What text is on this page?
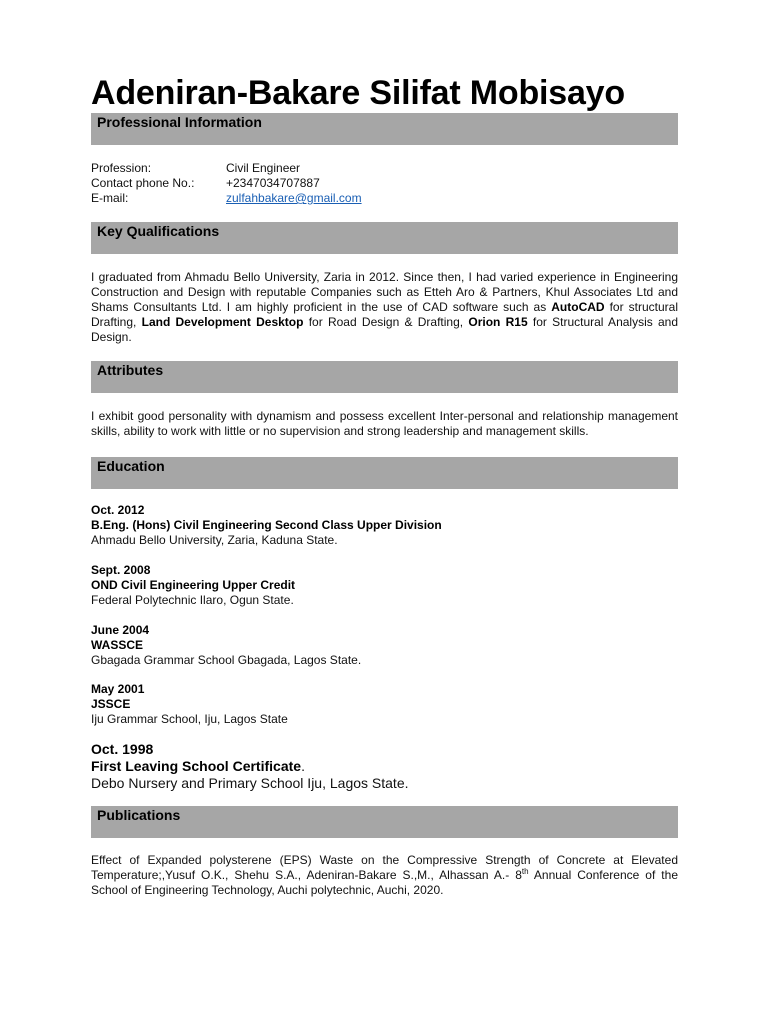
Adeniran-Bakare Silifat Mobisayo
Professional Information
Profession:	Civil Engineer
Contact phone No.:	+2347034707887
E-mail:	zulfahbakare@gmail.com
Key Qualifications
I graduated from Ahmadu Bello University, Zaria in 2012. Since then, I had varied experience in Engineering Construction and Design with reputable Companies such as Etteh Aro & Partners, Khul Associates Ltd and Shams Consultants Ltd. I am highly proficient in the use of CAD software such as AutoCAD for structural Drafting, Land Development Desktop for Road Design & Drafting, Orion R15 for Structural Analysis and Design.
Attributes
I exhibit good personality with dynamism and possess excellent Inter-personal and relationship management skills, ability to work with little or no supervision and strong leadership and management skills.
Education
Oct. 2012
B.Eng. (Hons) Civil Engineering Second Class Upper Division
Ahmadu Bello University, Zaria, Kaduna State.
Sept. 2008
OND Civil Engineering Upper Credit
Federal Polytechnic Ilaro, Ogun State.
June 2004
WASSCE
Gbagada Grammar School Gbagada, Lagos State.
May 2001
JSSCE
Iju Grammar School, Iju, Lagos State
Oct. 1998
First Leaving School Certificate.
Debo Nursery and Primary School Iju, Lagos State.
Publications
Effect of Expanded polysterene (EPS) Waste on the Compressive Strength of Concrete at Elevated Temperature;,Yusuf O.K., Shehu S.A., Adeniran-Bakare S.,M., Alhassan A.- 8th Annual Conference of the School of Engineering Technology, Auchi polytechnic, Auchi, 2020.
